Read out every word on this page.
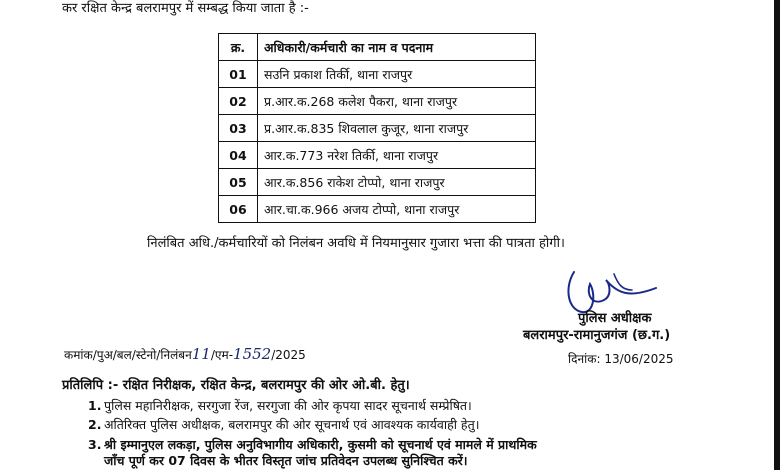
कर रक्षित केन्द्र बलरामपुर में सम्बद्ध किया जाता है :-
क्र.	अधिकारी/कर्मचारी का नाम व पदनाम
01	सउनि प्रकाश तिर्की, थाना राजपुर
02	प्र.आर.क.268 कलेश पैकरा, थाना राजपुर
03	प्र.आर.क.835 शिवलाल कुजूर, थाना राजपुर
04	आर.क.773 नरेश तिर्की, थाना राजपुर
05	आर.क.856 राकेश टोप्पो, थाना राजपुर
06	आर.चा.क.966 अजय टोप्पो, थाना राजपुर
निलंबित अधि./कर्मचारियों को निलंबन अवधि में नियमानुसार गुजारा भत्ता की पात्रता होगी।
पुलिस अधीक्षक
बलरामपुर-रामानुजगंज (छ.ग.)
कमांक/पुअ/बल/स्टेनो/निलंबन11/एम-1552/2025	दिनांक: 13/06/2025
प्रतिलिपि :- रक्षित निरीक्षक, रक्षित केन्द्र, बलरामपुर की ओर ओ.बी. हेतु।
1. पुलिस महानिरीक्षक, सरगुजा रेंज, सरगुजा की ओर कृपया सादर सूचनार्थ सम्प्रेषित।
2. अतिरिक्त पुलिस अधीक्षक, बलरामपुर की ओर सूचनार्थ एवं आवश्यक कार्यवाही हेतु।
3. श्री इम्मानुएल लकड़ा, पुलिस अनुविभागीय अधिकारी, कुसमी को सूचनार्थ एवं मामले में प्राथमिक
जाँच पूर्ण कर 07 दिवस के भीतर विस्तृत जांच प्रतिवेदन उपलब्ध सुनिश्चित करें।
